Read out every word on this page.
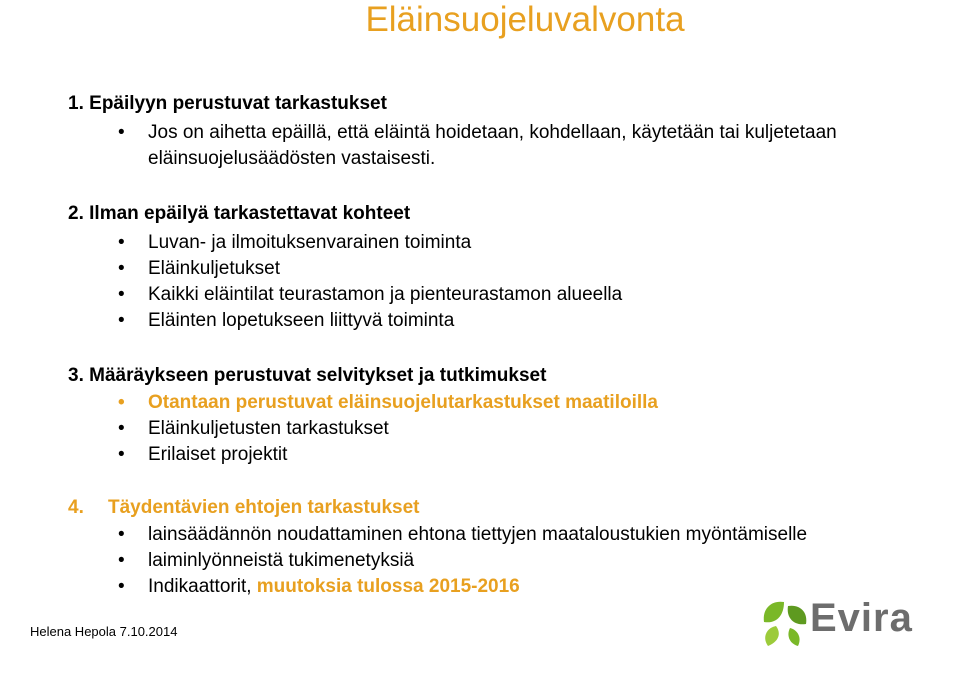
Eläinsuojeluvalvonta
1. Epäilyyn perustuvat tarkastukset
• Jos on aihetta epäillä, että eläintä hoidetaan, kohdellaan, käytetään tai kuljetetaan
eläinsuojelusäädösten vastaisesti.
2. Ilman epäilyä tarkastettavat kohteet
• Luvan- ja ilmoituksenvarainen toiminta
• Eläinkuljetukset
• Kaikki eläintilat teurastamon ja pienteurastamon alueella
• Eläinten lopetukseen liittyvä toiminta
3. Määräykseen perustuvat selvitykset ja tutkimukset
• Otantaan perustuvat eläinsuojelutarkastukset maatiloilla
• Eläinkuljetusten tarkastukset
• Erilaiset projektit
4. Täydentävien ehtojen tarkastukset
• lainsäädännön noudattaminen ehtona tiettyjen maataloustukien myöntämiselle
• laiminlyönneistä tukimenetyksiä
• Indikaattorit, muutoksia tulossa 2015-2016
Helena Hepola 7.10.2014	Evira
